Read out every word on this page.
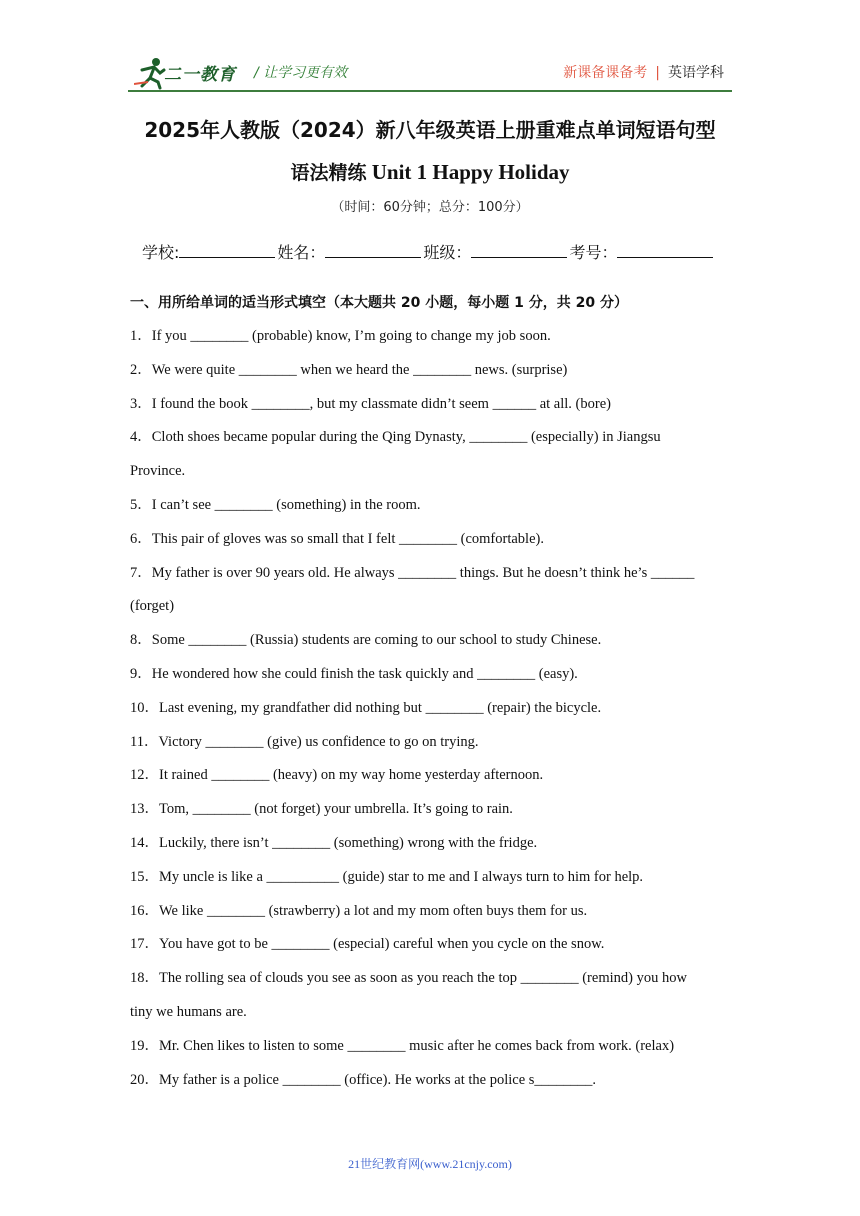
二一教育 / 让学习更有效	新课备课备考 | 英语学科
2025年人教版（2024）新八年级英语上册重难点单词短语句型
语法精练 Unit 1 Happy Holiday
（时间：60分钟；总分：100分）
学校:	姓名：	班级：	考号：
一、用所给单词的适当形式填空（本大题共 20 小题，每小题 1 分，共 20 分）
1．If you ________ (probable) know, I’m going to change my job soon.
2．We were quite ________ when we heard the ________ news. (surprise)
3．I found the book ________, but my classmate didn’t seem ______ at all. (bore)
4．Cloth shoes became popular during the Qing Dynasty, ________ (especially) in Jiangsu
Province.
5．I can’t see ________ (something) in the room.
6．This pair of gloves was so small that I felt ________ (comfortable).
7．My father is over 90 years old. He always ________ things. But he doesn’t think he’s ______
(forget)
8．Some ________ (Russia) students are coming to our school to study Chinese.
9．He wondered how she could finish the task quickly and ________ (easy).
10．Last evening, my grandfather did nothing but ________ (repair) the bicycle.
11．Victory ________ (give) us confidence to go on trying.
12．It rained ________ (heavy) on my way home yesterday afternoon.
13．Tom, ________ (not forget) your umbrella. It’s going to rain.
14．Luckily, there isn’t ________ (something) wrong with the fridge.
15．My uncle is like a __________ (guide) star to me and I always turn to him for help.
16．We like ________ (strawberry) a lot and my mom often buys them for us.
17．You have got to be ________ (especial) careful when you cycle on the snow.
18．The rolling sea of clouds you see as soon as you reach the top ________ (remind) you how
tiny we humans are.
19．Mr. Chen likes to listen to some ________ music after he comes back from work. (relax)
20．My father is a police ________ (office). He works at the police s________.
21世纪教育网(www.21cnjy.com)
